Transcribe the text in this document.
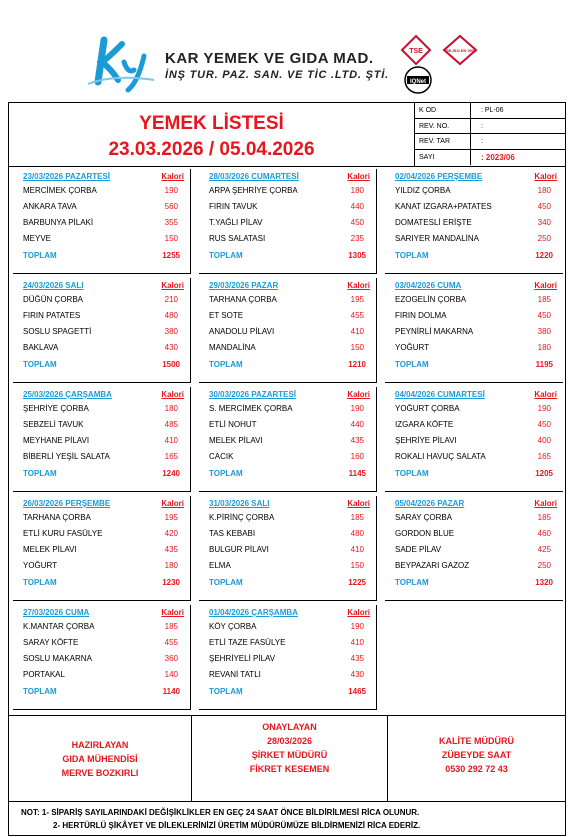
KAR YEMEK VE GIDA MAD.
İNŞ TUR. PAZ. SAN. VE TİC .LTD. ŞTİ.
TSE	TSE-ISO-EN 9000
IQNet
YEMEK LİSTESİ
23.03.2026 / 05.04.2026
K OD	: PL-06
REV. NO.	:
REV. TAR	:
SAYI	: 2023/06
23/03/2026 PAZARTESİ	Kalori
MERCİMEK ÇORBA	190
ANKARA TAVA	560
BARBUNYA PİLAKİ	355
MEYVE	150
TOPLAM	1255
28/03/2026 CUMARTESİ	Kalori
ARPA ŞEHRİYE ÇORBA	180
FIRIN TAVUK	440
T.YAĞLI PİLAV	450
RUS SALATASI	235
TOPLAM	1305
02/04/2026 PERŞEMBE	Kalori
YILDIZ ÇORBA	180
KANAT IZGARA+PATATES	450
DOMATESLİ ERİŞTE	340
SARIYER MANDALİNA	250
TOPLAM	1220
24/03/2026 SALI	Kalori
DÜĞÜN ÇORBA	210
FIRIN PATATES	480
SOSLU SPAGETTİ	380
BAKLAVA	430
TOPLAM	1500
29/03/2026 PAZAR	Kalori
TARHANA ÇORBA	195
ET SOTE	455
ANADOLU PİLAVI	410
MANDALİNA	150
TOPLAM	1210
03/04/2026 CUMA	Kalori
EZOGELİN ÇORBA	185
FIRIN DOLMA	450
PEYNİRLİ MAKARNA	380
YOĞURT	180
TOPLAM	1195
25/03/2026 ÇARŞAMBA	Kalori
ŞEHRİYE ÇORBA	180
SEBZELİ TAVUK	485
MEYHANE PİLAVI	410
BİBERLİ YEŞİL SALATA	165
TOPLAM	1240
30/03/2026 PAZARTESİ	Kalori
S. MERCİMEK ÇORBA	190
ETLİ NOHUT	440
MELEK PİLAVI	435
CACIK	160
TOPLAM	1145
04/04/2026 CUMARTESİ	Kalori
YOĞURT ÇORBA	190
IZGARA KÖFTE	450
ŞEHRİYE PİLAVI	400
ROKALI HAVUÇ SALATA	165
TOPLAM	1205
26/03/2026 PERŞEMBE	Kalori
TARHANA ÇORBA	195
ETLİ KURU FASÜLYE	420
MELEK PİLAVI	435
YOĞURT	180
TOPLAM	1230
31/03/2026 SALI	Kalori
K.PİRİNÇ ÇORBA	185
TAS KEBABI	480
BULGUR PİLAVI	410
ELMA	150
TOPLAM	1225
05/04/2026 PAZAR	Kalori
SARAY ÇORBA	185
GORDON BLUE	460
SADE PİLAV	425
BEYPAZARI GAZOZ	250
TOPLAM	1320
27/03/2026 CUMA	Kalori
K.MANTAR ÇORBA	185
SARAY KÖFTE	455
SOSLU MAKARNA	360
PORTAKAL	140
TOPLAM	1140
01/04/2026 ÇARŞAMBA	Kalori
KÖY ÇORBA	190
ETLİ TAZE FASÜLYE	410
ŞEHRİYELİ PİLAV	435
REVANİ TATLI	430
TOPLAM	1465
HAZIRLAYAN
GIDA MÜHENDİSİ
MERVE BOZKIRLI
ONAYLAYAN
28/03/2026
ŞİRKET MÜDÜRÜ
FİKRET KESEMEN
KALİTE MÜDÜRÜ
ZÜBEYDE SAAT
0530 292 72 43
NOT: 1- SİPARİŞ SAYILARINDAKİ DEĞİŞİKLİKLER EN GEÇ 24 SAAT ÖNCE BİLDİRİLMESİ RİCA OLUNUR.
2- HERTÜRLÜ ŞİKÂYET VE DİLEKLERİNİZİ ÜRETİM MÜDÜRÜMÜZE BİLDİRMENİZİ RİCA EDERİZ.
